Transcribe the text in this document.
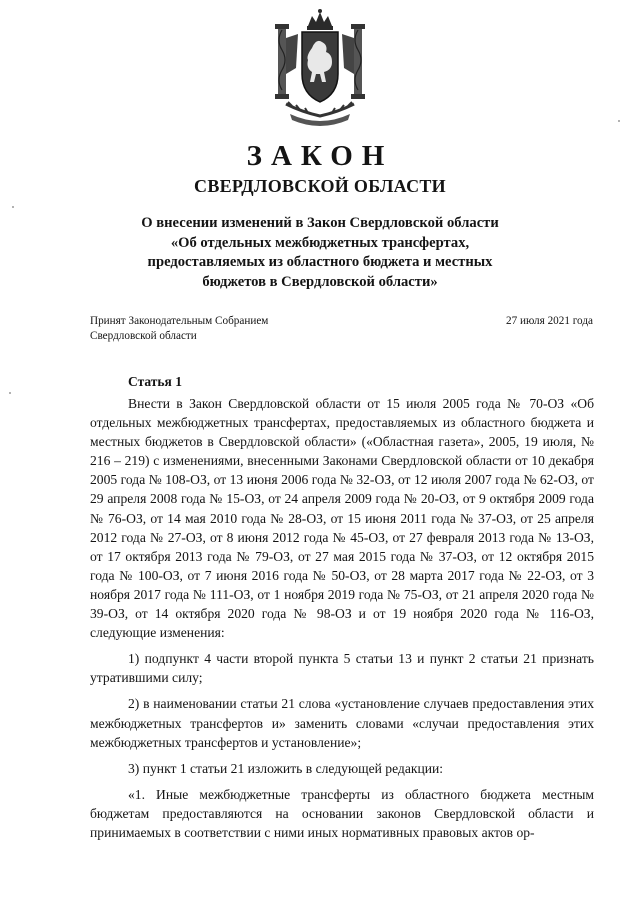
ЗАКОН
СВЕРДЛОВСКОЙ ОБЛАСТИ
О внесении изменений в Закон Свердловской области
«Об отдельных межбюджетных трансфертах,
предоставляемых из областного бюджета и местных
бюджетов в Свердловской области»
Принят Законодательным Собранием
Свердловской области
27 июля 2021 года
Статья 1

Внести в Закон Свердловской области от 15 июля 2005 года № 70-ОЗ «Об отдельных межбюджетных трансфертах, предоставляемых из областного бюджета и местных бюджетов в Свердловской области» («Областная газета», 2005, 19 июля, № 216 – 219) с изменениями, внесенными Законами Свердловской области от 10 декабря 2005 года № 108-ОЗ, от 13 июня 2006 года № 32-ОЗ, от 12 июля 2007 года № 62-ОЗ, от 29 апреля 2008 года № 15-ОЗ, от 24 апреля 2009 года № 20-ОЗ, от 9 октября 2009 года № 76-ОЗ, от 14 мая 2010 года № 28-ОЗ, от 15 июня 2011 года № 37-ОЗ, от 25 апреля 2012 года № 27-ОЗ, от 8 июня 2012 года № 45-ОЗ, от 27 февраля 2013 года № 13-ОЗ, от 17 октября 2013 года № 79-ОЗ, от 27 мая 2015 года № 37-ОЗ, от 12 октября 2015 года № 100-ОЗ, от 7 июня 2016 года № 50-ОЗ, от 28 марта 2017 года № 22-ОЗ, от 3 ноября 2017 года № 111-ОЗ, от 1 ноября 2019 года № 75-ОЗ, от 21 апреля 2020 года № 39-ОЗ, от 14 октября 2020 года № 98-ОЗ и от 19 ноября 2020 года № 116-ОЗ, следующие изменения:

1) подпункт 4 части второй пункта 5 статьи 13 и пункт 2 статьи 21 признать утратившими силу;

2) в наименовании статьи 21 слова «установление случаев предоставления этих межбюджетных трансфертов и» заменить словами «случаи предоставления этих межбюджетных трансфертов и установление»;

3) пункт 1 статьи 21 изложить в следующей редакции:

«1. Иные межбюджетные трансферты из областного бюджета местным бюджетам предоставляются на основании законов Свердловской области и принимаемых в соответствии с ними иных нормативных правовых актов ор-
